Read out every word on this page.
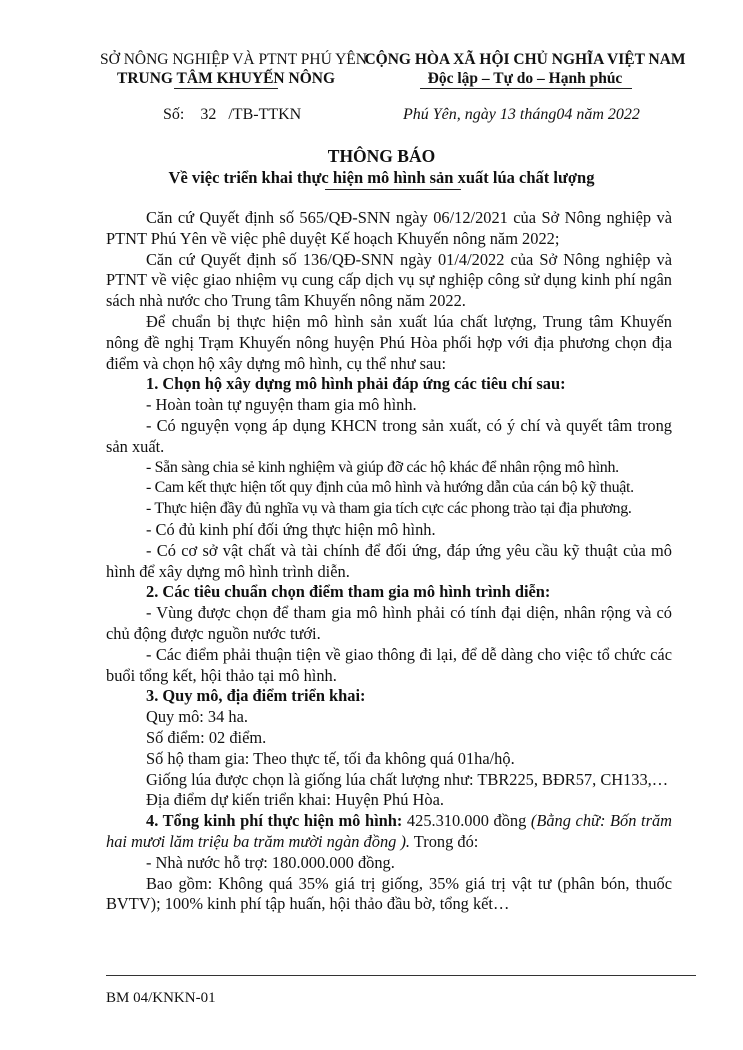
SỞ NÔNG NGHIỆP VÀ PTNT PHÚ YÊN
TRUNG TÂM KHUYẾN NÔNG
CỘNG HÒA XÃ HỘI CHỦ NGHĨA VIỆT NAM
Độc lập – Tự do – Hạnh phúc
Số: 32 /TB-TTKN	Phú Yên, ngày 13 tháng04 năm 2022
THÔNG BÁO
Về việc triển khai thực hiện mô hình sản xuất lúa chất lượng

Căn cứ Quyết định số 565/QĐ-SNN ngày 06/12/2021 của Sở Nông nghiệp và PTNT Phú Yên về việc phê duyệt Kế hoạch Khuyến nông năm 2022;

Căn cứ Quyết định số 136/QĐ-SNN ngày 01/4/2022 của Sở Nông nghiệp và PTNT về việc giao nhiệm vụ cung cấp dịch vụ sự nghiệp công sử dụng kinh phí ngân sách nhà nước cho Trung tâm Khuyến nông năm 2022.

Để chuẩn bị thực hiện mô hình sản xuất lúa chất lượng, Trung tâm Khuyến nông đề nghị Trạm Khuyến nông huyện Phú Hòa phối hợp với địa phương chọn địa điểm và chọn hộ xây dựng mô hình, cụ thể như sau:

1. Chọn hộ xây dựng mô hình phải đáp ứng các tiêu chí sau:

- Hoàn toàn tự nguyện tham gia mô hình.

- Có nguyện vọng áp dụng KHCN trong sản xuất, có ý chí và quyết tâm trong sản xuất.

- Sẵn sàng chia sẻ kinh nghiệm và giúp đỡ các hộ khác để nhân rộng mô hình.

- Cam kết thực hiện tốt quy định của mô hình và hướng dẫn của cán bộ kỹ thuật.

- Thực hiện đầy đủ nghĩa vụ và tham gia tích cực các phong trào tại địa phương.

- Có đủ kinh phí đối ứng thực hiện mô hình.

- Có cơ sở vật chất và tài chính để đối ứng, đáp ứng yêu cầu kỹ thuật của mô hình để xây dựng mô hình trình diễn.

2. Các tiêu chuẩn chọn điểm tham gia mô hình trình diễn:

- Vùng được chọn để tham gia mô hình phải có tính đại diện, nhân rộng và có chủ động được nguồn nước tưới.

- Các điểm phải thuận tiện về giao thông đi lại, để dễ dàng cho việc tổ chức các buổi tổng kết, hội thảo tại mô hình.

3. Quy mô, địa điểm triển khai:

Quy mô: 34 ha.

Số điểm: 02 điểm.

Số hộ tham gia: Theo thực tế, tối đa không quá 01ha/hộ.

Giống lúa được chọn là giống lúa chất lượng như: TBR225, BĐR57, CH133,…

Địa điểm dự kiến triển khai: Huyện Phú Hòa.

4. Tổng kinh phí thực hiện mô hình: 425.310.000 đồng (Bằng chữ: Bốn trăm hai mươi lăm triệu ba trăm mười ngàn đồng ). Trong đó:

- Nhà nước hỗ trợ: 180.000.000 đồng.

Bao gồm: Không quá 35% giá trị giống, 35% giá trị vật tư (phân bón, thuốc BVTV); 100% kinh phí tập huấn, hội thảo đầu bờ, tổng kết…

BM 04/KNKN-01
